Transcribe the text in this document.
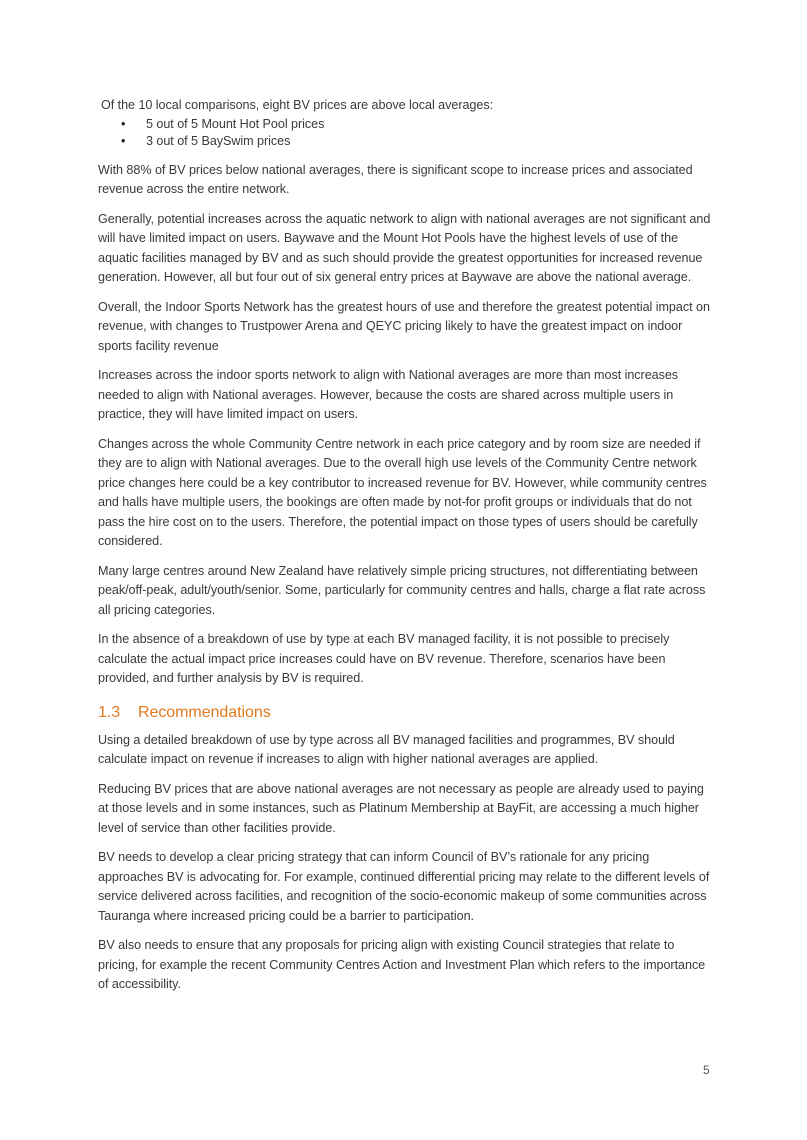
Of the 10 local comparisons, eight BV prices are above local averages:

• 5 out of 5 Mount Hot Pool prices
• 3 out of 5 BaySwim prices

With 88% of BV prices below national averages, there is significant scope to increase prices and associated revenue across the entire network.

Generally, potential increases across the aquatic network to align with national averages are not significant and will have limited impact on users. Baywave and the Mount Hot Pools have the highest levels of use of the aquatic facilities managed by BV and as such should provide the greatest opportunities for increased revenue generation. However, all but four out of six general entry prices at Baywave are above the national average.

Overall, the Indoor Sports Network has the greatest hours of use and therefore the greatest potential impact on revenue, with changes to Trustpower Arena and QEYC pricing likely to have the greatest impact on indoor sports facility revenue

Increases across the indoor sports network to align with National averages are more than most increases needed to align with National averages. However, because the costs are shared across multiple users in practice, they will have limited impact on users.

Changes across the whole Community Centre network in each price category and by room size are needed if they are to align with National averages. Due to the overall high use levels of the Community Centre network price changes here could be a key contributor to increased revenue for BV. However, while community centres and halls have multiple users, the bookings are often made by not-for profit groups or individuals that do not pass the hire cost on to the users. Therefore, the potential impact on those types of users should be carefully considered.

Many large centres around New Zealand have relatively simple pricing structures, not differentiating between peak/off-peak, adult/youth/senior. Some, particularly for community centres and halls, charge a flat rate across all pricing categories.

In the absence of a breakdown of use by type at each BV managed facility, it is not possible to precisely calculate the actual impact price increases could have on BV revenue. Therefore, scenarios have been provided, and further analysis by BV is required.

1.3 Recommendations

Using a detailed breakdown of use by type across all BV managed facilities and programmes, BV should calculate impact on revenue if increases to align with higher national averages are applied.

Reducing BV prices that are above national averages are not necessary as people are already used to paying at those levels and in some instances, such as Platinum Membership at BayFit, are accessing a much higher level of service than other facilities provide.

BV needs to develop a clear pricing strategy that can inform Council of BV’s rationale for any pricing approaches BV is advocating for. For example, continued differential pricing may relate to the different levels of service delivered across facilities, and recognition of the socio-economic makeup of some communities across Tauranga where increased pricing could be a barrier to participation.

BV also needs to ensure that any proposals for pricing align with existing Council strategies that relate to pricing, for example the recent Community Centres Action and Investment Plan which refers to the importance of accessibility.

5
